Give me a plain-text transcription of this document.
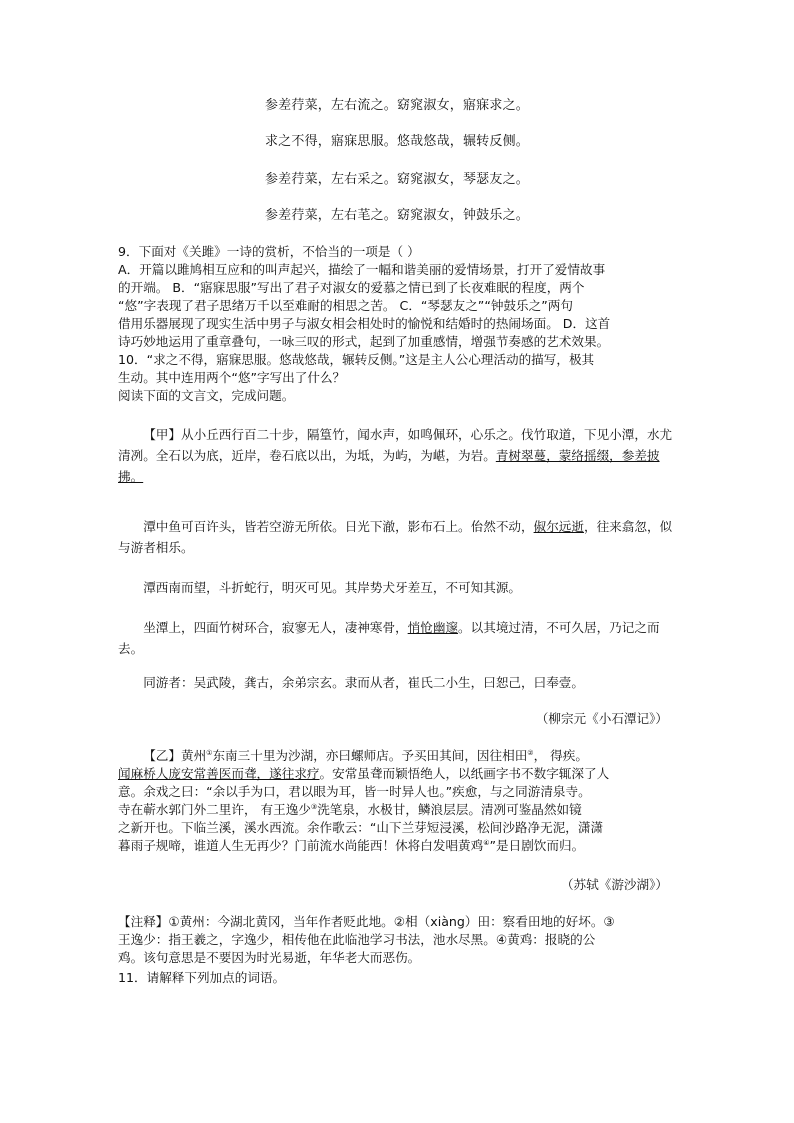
参差荇菜，左右流之。窈窕淑女，寤寐求之。
求之不得，寤寐思服。悠哉悠哉，辗转反侧。
参差荇菜，左右采之。窈窕淑女，琴瑟友之。
参差荇菜，左右芼之。窈窕淑女，钟鼓乐之。
9．下面对《关雎》一诗的赏析，不恰当的一项是（ ）
A．开篇以雎鸠相互应和的叫声起兴，描绘了一幅和谐美丽的爱情场景，打开了爱情故事
的开端。 B．“寤寐思服”写出了君子对淑女的爱慕之情已到了长夜难眠的程度，两个
“悠”字表现了君子思绪万千以至难耐的相思之苦。 C．“琴瑟友之”“钟鼓乐之”两句
借用乐器展现了现实生活中男子与淑女相会相处时的愉悦和结婚时的热闹场面。 D．这首
诗巧妙地运用了重章叠句，一咏三叹的形式，起到了加重感情，增强节奏感的艺术效果。
10．“求之不得，寤寐思服。悠哉悠哉，辗转反侧。”这是主人公心理活动的描写，极其
生动。其中连用两个“悠”字写出了什么？
阅读下面的文言文，完成问题。
【甲】从小丘西行百二十步，隔篁竹，闻水声，如鸣佩环，心乐之。伐竹取道，下见小潭，水尤清冽。全石以为底，近岸，卷石底以出，为坻，为屿，为嵁，为岩。青树翠蔓，蒙络摇缀，参差披拂。
潭中鱼可百许头，皆若空游无所依。日光下澈，影布石上。佁然不动，俶尔远逝，往来翕忽，似与游者相乐。
潭西南而望，斗折蛇行，明灭可见。其岸势犬牙差互，不可知其源。
坐潭上，四面竹树环合，寂寥无人，凄神寒骨，悄怆幽邃。以其境过清，不可久居，乃记之而去。
同游者：吴武陵，龚古，余弟宗玄。隶而从者，崔氏二小生，曰恕己，曰奉壹。
（柳宗元《小石潭记》）
【乙】黄州①东南三十里为沙湖，亦曰螺师店。予买田其间，因往相田②， 得疾。
闻麻桥人庞安常善医而聋，遂往求疗。安常虽聋而颖悟绝人，以纸画字书不数字辄深了人
意。余戏之曰：“余以手为口，君以眼为耳，皆一时异人也。”疾愈，与之同游清泉寺。
寺在蕲水郭门外二里许， 有王逸少③洗笔泉，水极甘，鳞浪层层。清冽可鉴晶然如镜
之新开也。下临兰溪，溪水西流。余作歌云：“山下兰芽短浸溪，松间沙路净无泥，潇潇
暮雨子规啼，谁道人生无再少？门前流水尚能西！休将白发唱黄鸡④”是日剧饮而归。
（苏轼《游沙湖》）
【注释】①黄州：今湖北黄冈，当年作者贬此地。②相（xiàng）田：察看田地的好坏。③
王逸少：指王羲之，字逸少，相传他在此临池学习书法，池水尽黑。④黄鸡：报晓的公
鸡。该句意思是不要因为时光易逝，年华老大而恶伤。
11．请解释下列加点的词语。
